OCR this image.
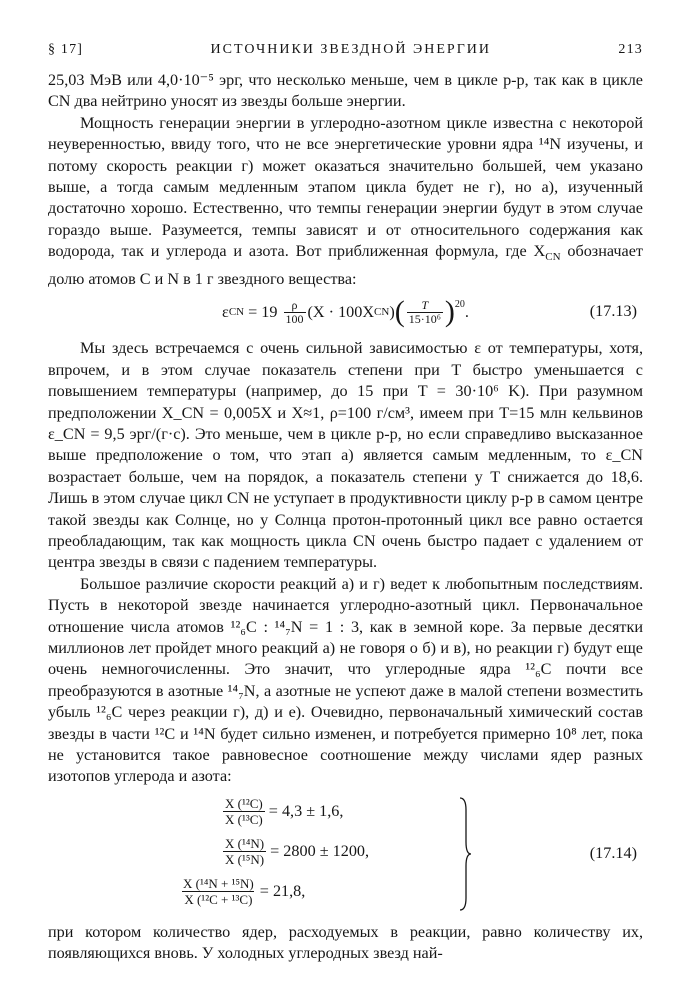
§ 17]	ИСТОЧНИКИ ЗВЕЗДНОЙ ЭНЕРГИИ	213

25,03 МэВ или 4,0·10⁻⁵ эрг, что несколько меньше, чем в цикле p-p, так как в цикле CN два нейтрино уносят из звезды больше энергии.

Мощность генерации энергии в углеродно-азотном цикле известна с некоторой неуверенностью, ввиду того, что не все энергетические уровни ядра ¹⁴N изучены, и потому скорость реакции г) может оказаться значительно большей, чем указано выше, а тогда самым медленным этапом цикла будет не г), но а), изученный достаточно хорошо. Естественно, что темпы генерации энергии будут в этом случае гораздо выше. Разумеется, темпы зависят и от относительного содержания как водорода, так и углерода и азота. Вот приближенная формула, где $X_{CN}$ обозначает долю атомов C и N в 1 г звездного вещества:

ε CN = $19 \frac{\rho}{100} (X \cdot 100X$ CN ) ( $\frac{T}{\text{15·10⁶}}$ ) 20 .	(17.13)

Мы здесь встречаемся с очень сильной зависимостью ε от температуры, хотя, впрочем, и в этом случае показатель степени при T быстро уменьшается с повышением температуры (например, до 15 при T = 30·10⁶ K). При разумном предположении X_CN = 0,005X и X≈1, ρ=100 г/см³, имеем при T=15 млн кельвинов ε_CN = 9,5 эрг/(г·с). Это меньше, чем в цикле p-p, но если справедливо высказанное выше предположение о том, что этап а) является самым медленным, то ε_CN возрастает больше, чем на порядок, а показатель степени у T снижается до 18,6. Лишь в этом случае цикл CN не уступает в продуктивности циклу p-p в самом центре такой звезды как Солнце, но у Солнца протон-протонный цикл все равно остается преобладающим, так как мощность цикла CN очень быстро падает с удалением от центра звезды в связи с падением температуры.

Большое различие скорости реакций а) и г) ведет к любопытным последствиям. Пусть в некоторой звезде начинается углеродно-азотный цикл. Первоначальное отношение числа атомов ¹²₆C : ¹⁴₇N = 1 : 3, как в земной коре. За первые десятки миллионов лет пройдет много реакций а) не говоря о б) и в), но реакции г) будут еще очень немногочисленны. Это значит, что углеродные ядра ¹²₆C почти все преобразуются в азотные ¹⁴₇N, а азотные не успеют даже в малой степени возместить убыль ¹²₆C через реакции г), д) и е). Очевидно, первоначальный химический состав звезды в части ¹²C и ¹⁴N будет сильно изменен, и потребуется примерно 10⁸ лет, пока не установится такое равновесное соотношение между числами ядер разных изотопов углерода и азота:

$\frac{\text{X (¹²C)}}{\text{X (¹³C)}} = 4,3 \pm 1,6$,
$\frac{\text{X (¹⁴N)}}{\text{X (¹⁵N)}} = 2800 \pm 1200$,
$\frac{\text{X (¹⁴N + ¹⁵N)}}{\text{X (¹²C + ¹³C)}} = 21,8$,
(17.14)

при котором количество ядер, расходуемых в реакции, равно количеству их, появляющихся вновь. У холодных углеродных звезд най-
